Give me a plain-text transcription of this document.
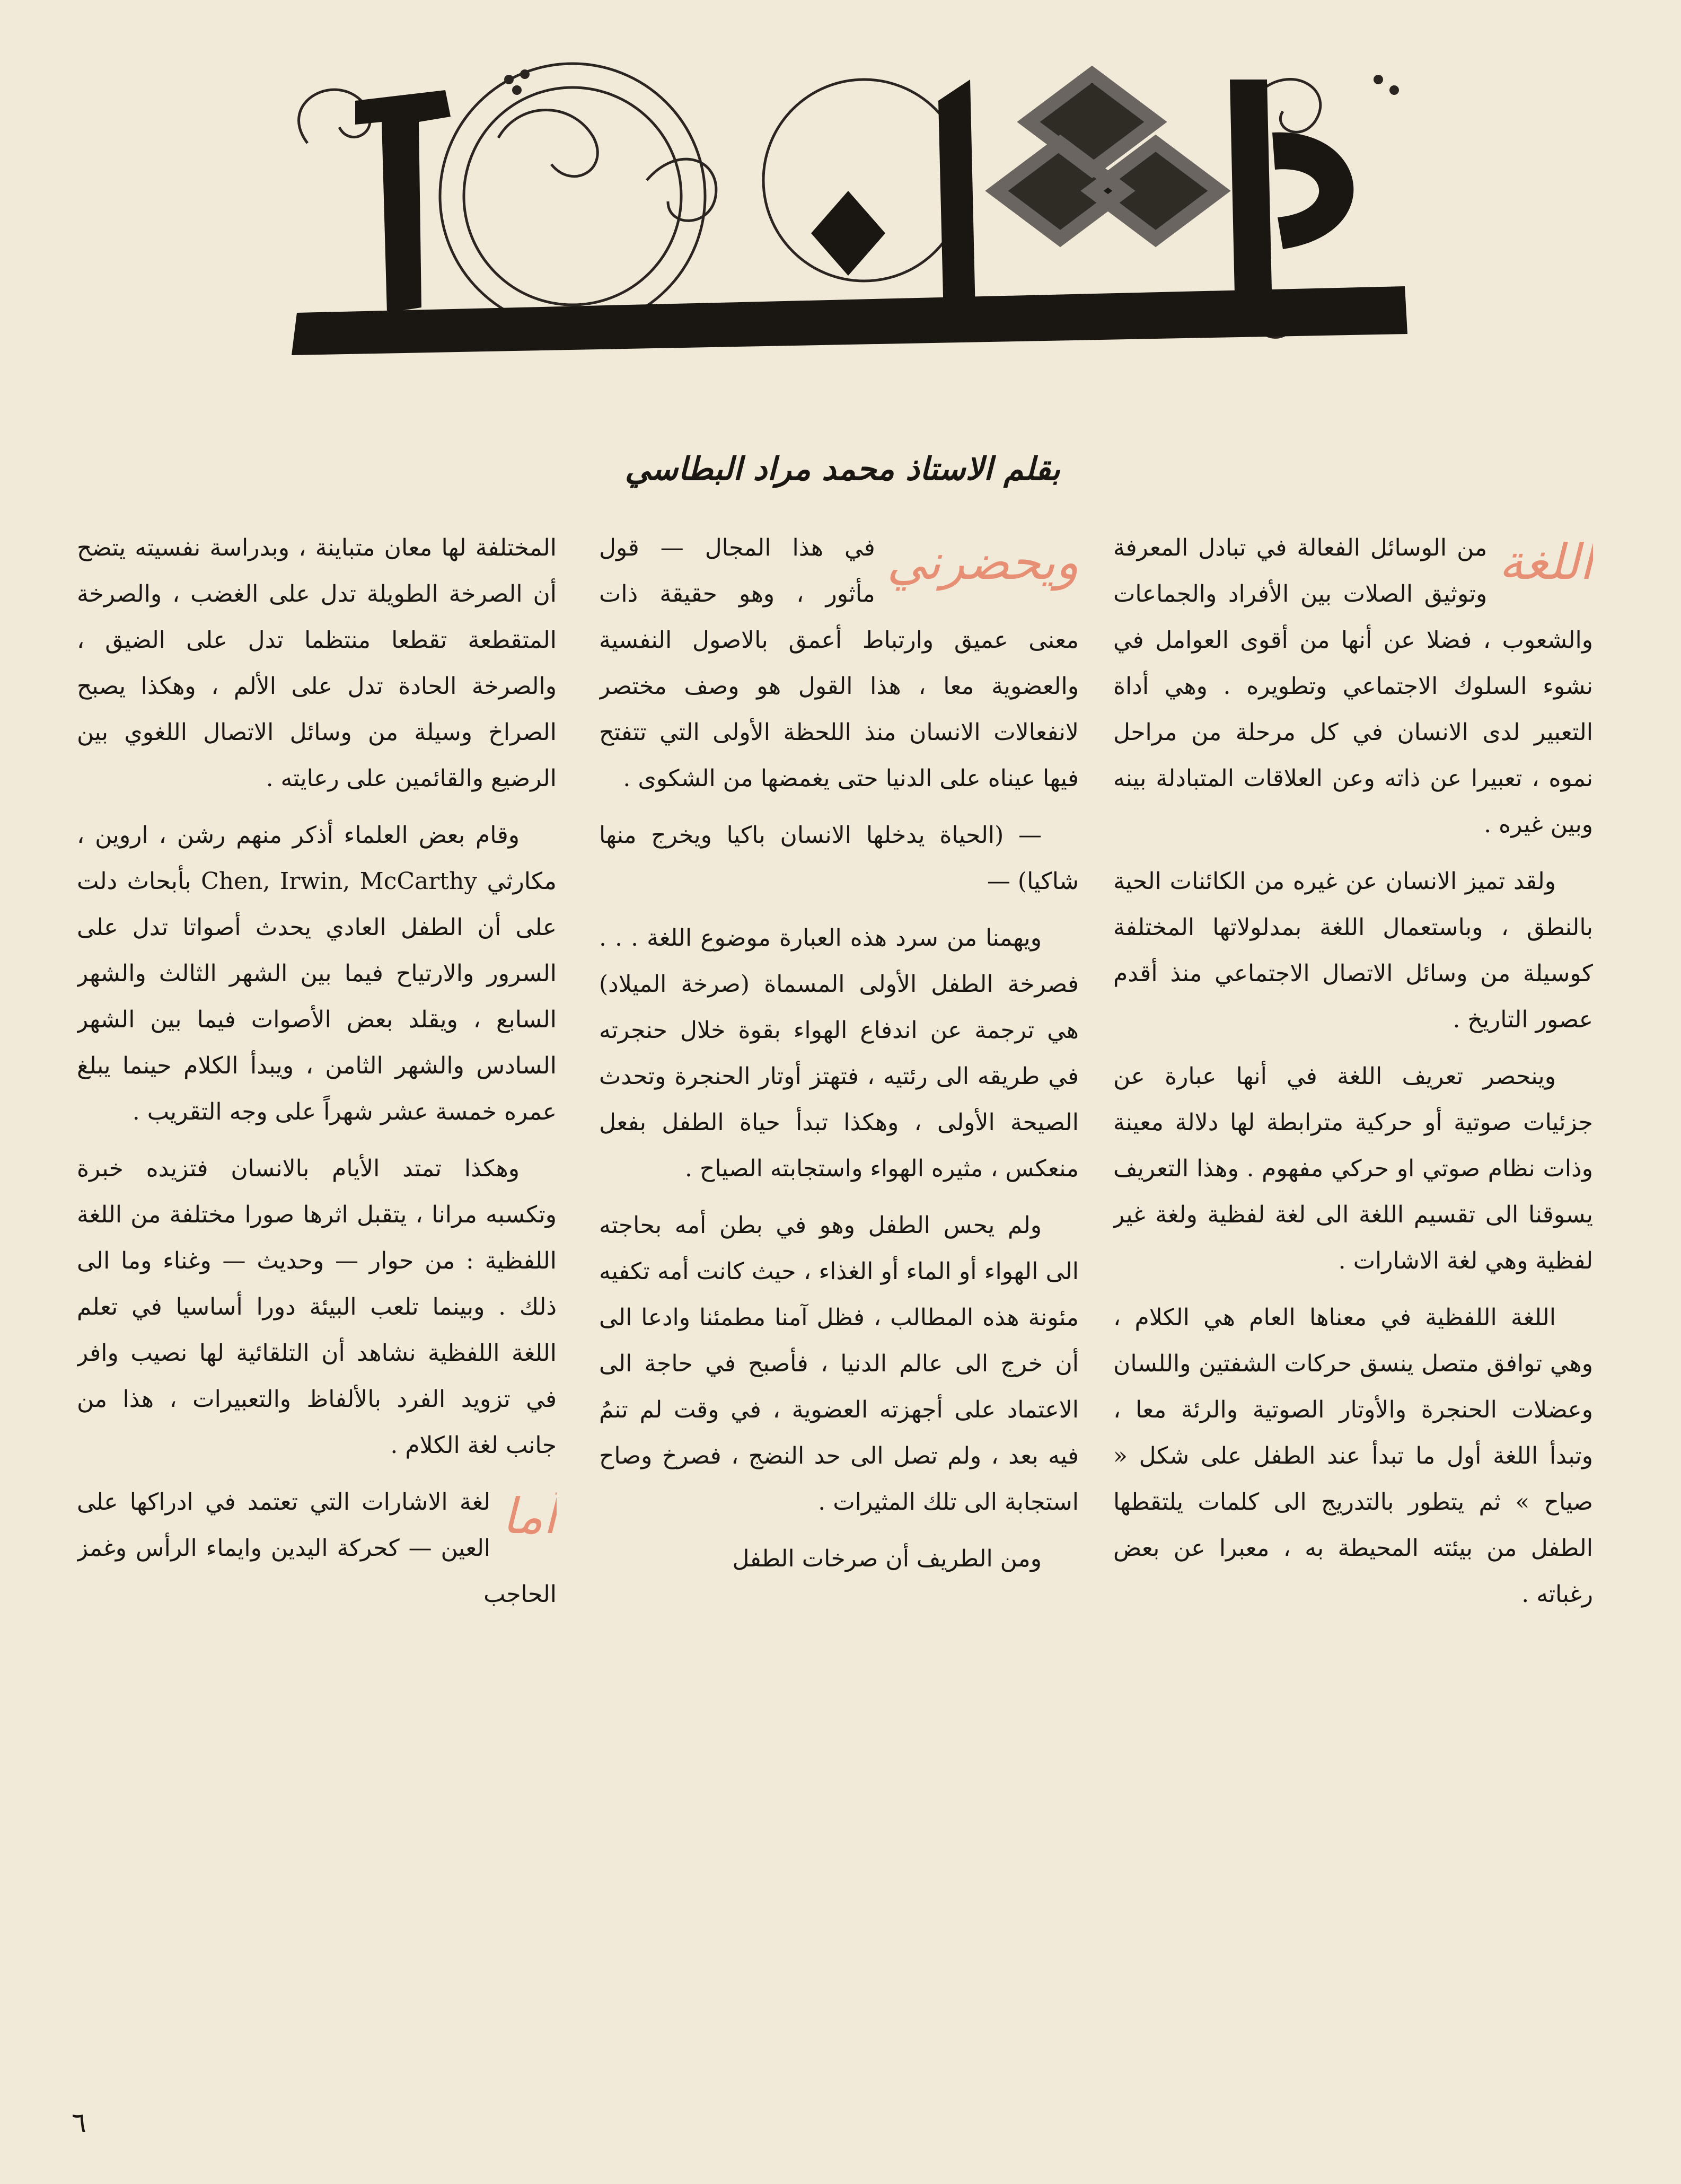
بقلم الاستاذ محمد مراد البطاسي

اللغة
من الوسائل الفعالة في تبادل المعرفة وتوثيق الصلات بين الأفراد والجماعات والشعوب ، فضلا عن أنها من أقوى العوامل في نشوء السلوك الاجتماعي وتطويره . وهي أداة التعبير لدى الانسان في كل مرحلة من مراحل نموه ، تعبيرا عن ذاته وعن العلاقات المتبادلة بينه وبين غيره .

ولقد تميز الانسان عن غيره من الكائنات الحية بالنطق ، وباستعمال اللغة بمدلولاتها المختلفة كوسيلة من وسائل الاتصال الاجتماعي منذ أقدم عصور التاريخ .

وينحصر تعريف اللغة في أنها عبارة عن جزئيات صوتية أو حركية مترابطة لها دلالة معينة وذات نظام صوتي او حركي مفهوم . وهذا التعريف يسوقنا الى تقسيم اللغة الى لغة لفظية ولغة غير لفظية وهي لغة الاشارات .

اللغة اللفظية في معناها العام هي الكلام ، وهي توافق متصل ينسق حركات الشفتين واللسان وعضلات الحنجرة والأوتار الصوتية والرئة معا ، وتبدأ اللغة أول ما تبدأ عند الطفل على شكل « صياح » ثم يتطور بالتدريج الى كلمات يلتقطها الطفل من بيئته المحيطة به ، معبرا عن بعض رغباته .

ويحضرني
في هذا المجال — قول مأثور ، وهو حقيقة ذات معنى عميق وارتباط أعمق بالاصول النفسية والعضوية معا ، هذا القول هو وصف مختصر لانفعالات الانسان منذ اللحظة الأولى التي تتفتح فيها عيناه على الدنيا حتى يغمضها من الشكوى .

— (الحياة يدخلها الانسان باكيا ويخرج منها شاكيا) —

ويهمنا من سرد هذه العبارة موضوع اللغة . . . فصرخة الطفل الأولى المسماة (صرخة الميلاد) هي ترجمة عن اندفاع الهواء بقوة خلال حنجرته في طريقه الى رئتيه ، فتهتز أوتار الحنجرة وتحدث الصيحة الأولى ، وهكذا تبدأ حياة الطفل بفعل منعكس ، مثيره الهواء واستجابته الصياح .

ولم يحس الطفل وهو في بطن أمه بحاجته الى الهواء أو الماء أو الغذاء ، حيث كانت أمه تكفيه مئونة هذه المطالب ، فظل آمنا مطمئنا وادعا الى أن خرج الى عالم الدنيا ، فأصبح في حاجة الى الاعتماد على أجهزته العضوية ، في وقت لم تنمُ فيه بعد ، ولم تصل الى حد النضج ، فصرخ وصاح استجابة الى تلك المثيرات .

ومن الطريف أن صرخات الطفل

المختلفة لها معان متباينة ، وبدراسة نفسيته يتضح أن الصرخة الطويلة تدل على الغضب ، والصرخة المتقطعة تقطعا منتظما تدل على الضيق ، والصرخة الحادة تدل على الألم ، وهكذا يصبح الصراخ وسيلة من وسائل الاتصال اللغوي بين الرضيع والقائمين على رعايته .

وقام بعض العلماء أذكر منهم رشن ، اروين ، مكارثي Chen, Irwin, McCarthy بأبحاث دلت على أن الطفل العادي يحدث أصواتا تدل على السرور والارتياح فيما بين الشهر الثالث والشهر السابع ، ويقلد بعض الأصوات فيما بين الشهر السادس والشهر الثامن ، ويبدأ الكلام حينما يبلغ عمره خمسة عشر شهراً على وجه التقريب .

وهكذا تمتد الأيام بالانسان فتزيده خبرة وتكسبه مرانا ، يتقبل اثرها صورا مختلفة من اللغة اللفظية : من حوار — وحديث — وغناء وما الى ذلك . وبينما تلعب البيئة دورا أساسيا في تعلم اللغة اللفظية نشاهد أن التلقائية لها نصيب وافر في تزويد الفرد بالألفاظ والتعبيرات ، هذا من جانب لغة الكلام .

أما
لغة الاشارات التي تعتمد في ادراكها على العين — كحركة اليدين وايماء الرأس وغمز الحاجب

٦
